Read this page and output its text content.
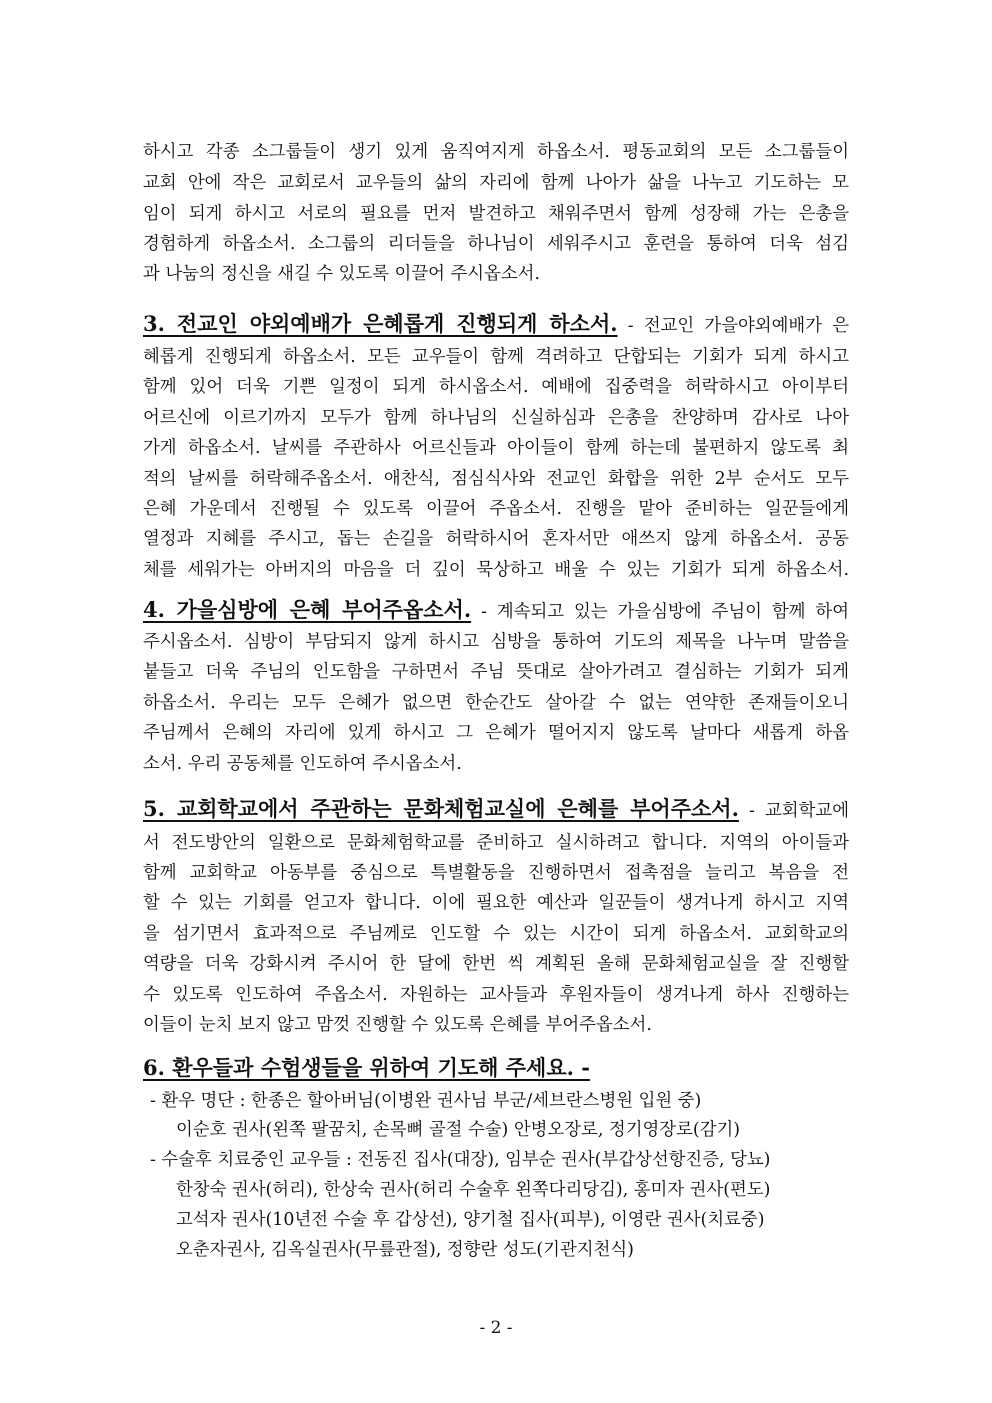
하시고 각종 소그룹들이 생기 있게 움직여지게 하옵소서. 평동교회의 모든 소그룹들이
교회 안에 작은 교회로서 교우들의 삶의 자리에 함께 나아가 삶을 나누고 기도하는 모
임이 되게 하시고 서로의 필요를 먼저 발견하고 채워주면서 함께 성장해 가는 은총을
경험하게 하옵소서. 소그룹의 리더들을 하나님이 세워주시고 훈련을 통하여 더욱 섬김
과 나눔의 정신을 새길 수 있도록 이끌어 주시옵소서.
3. 전교인 야외예배가 은혜롭게 진행되게 하소서. - 전교인 가을야외예배가 은
혜롭게 진행되게 하옵소서. 모든 교우들이 함께 격려하고 단합되는 기회가 되게 하시고
함께 있어 더욱 기쁜 일정이 되게 하시옵소서. 예배에 집중력을 허락하시고 아이부터
어르신에 이르기까지 모두가 함께 하나님의 신실하심과 은총을 찬양하며 감사로 나아
가게 하옵소서. 날씨를 주관하사 어르신들과 아이들이 함께 하는데 불편하지 않도록 최
적의 날씨를 허락해주옵소서. 애찬식, 점심식사와 전교인 화합을 위한 2부 순서도 모두
은혜 가운데서 진행될 수 있도록 이끌어 주옵소서. 진행을 맡아 준비하는 일꾼들에게
열정과 지혜를 주시고, 돕는 손길을 허락하시어 혼자서만 애쓰지 않게 하옵소서. 공동
체를 세워가는 아버지의 마음을 더 깊이 묵상하고 배울 수 있는 기회가 되게 하옵소서.
4. 가을심방에 은혜 부어주옵소서. - 계속되고 있는 가을심방에 주님이 함께 하여
주시옵소서. 심방이 부담되지 않게 하시고 심방을 통하여 기도의 제목을 나누며 말씀을
붙들고 더욱 주님의 인도함을 구하면서 주님 뜻대로 살아가려고 결심하는 기회가 되게
하옵소서. 우리는 모두 은혜가 없으면 한순간도 살아갈 수 없는 연약한 존재들이오니
주님께서 은혜의 자리에 있게 하시고 그 은혜가 떨어지지 않도록 날마다 새롭게 하옵
소서. 우리 공동체를 인도하여 주시옵소서.
5. 교회학교에서 주관하는 문화체험교실에 은혜를 부어주소서. - 교회학교에
서 전도방안의 일환으로 문화체험학교를 준비하고 실시하려고 합니다. 지역의 아이들과
함께 교회학교 아동부를 중심으로 특별활동을 진행하면서 접촉점을 늘리고 복음을 전
할 수 있는 기회를 얻고자 합니다. 이에 필요한 예산과 일꾼들이 생겨나게 하시고 지역
을 섬기면서 효과적으로 주님께로 인도할 수 있는 시간이 되게 하옵소서. 교회학교의
역량을 더욱 강화시켜 주시어 한 달에 한번 씩 계획된 올해 문화체험교실을 잘 진행할
수 있도록 인도하여 주옵소서. 자원하는 교사들과 후원자들이 생겨나게 하사 진행하는
이들이 눈치 보지 않고 맘껏 진행할 수 있도록 은혜를 부어주옵소서.
6. 환우들과 수험생들을 위하여 기도해 주세요. -
- 환우 명단 : 한종은 할아버님(이병완 권사님 부군/세브란스병원 입원 중)
이순호 권사(왼쪽 팔꿈치, 손목뼈 골절 수술) 안병오장로, 정기영장로(감기)
- 수술후 치료중인 교우들 : 전동진 집사(대장), 임부순 권사(부갑상선항진증, 당뇨)
한창숙 권사(허리), 한상숙 권사(허리 수술후 왼쪽다리당김), 홍미자 권사(편도)
고석자 권사(10년전 수술 후 갑상선), 양기철 집사(피부), 이영란 권사(치료중)
오춘자권사, 김옥실권사(무릎관절), 정향란 성도(기관지천식)
- 2 -
